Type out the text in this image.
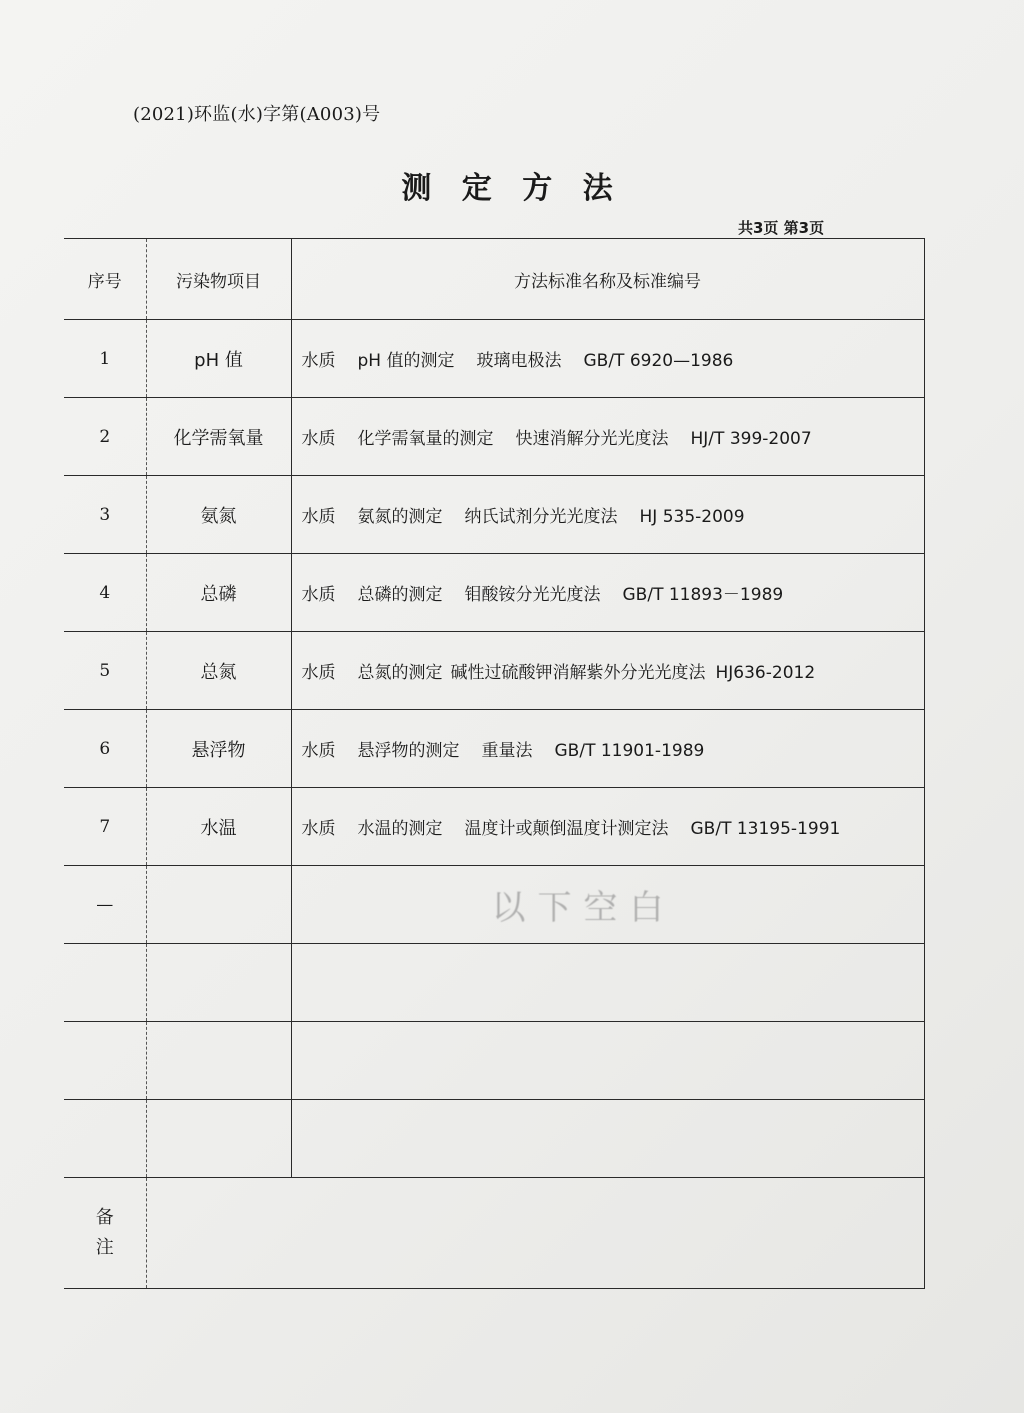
(2021)环监(水)字第(A003)号
测 定 方 法
共3页 第3页
序号	污染物项目	方法标准名称及标准编号
1	pH 值	水质 pH 值的测定 玻璃电极法 GB/T 6920—1986
2	化学需氧量	水质 化学需氧量的测定 快速消解分光光度法 HJ/T 399-2007
3	氨氮	水质 氨氮的测定 纳氏试剂分光光度法 HJ 535-2009
4	总磷	水质 总磷的测定 钼酸铵分光光度法 GB/T 11893－1989
5	总氮	水质 总氮的测定 碱性过硫酸钾消解紫外分光光度法 HJ636-2012
6	悬浮物	水质 悬浮物的测定 重量法 GB/T 11901-1989
7	水温	水质 水温的测定 温度计或颠倒温度计测定法 GB/T 13195-1991
—		以下空白

备
注		
